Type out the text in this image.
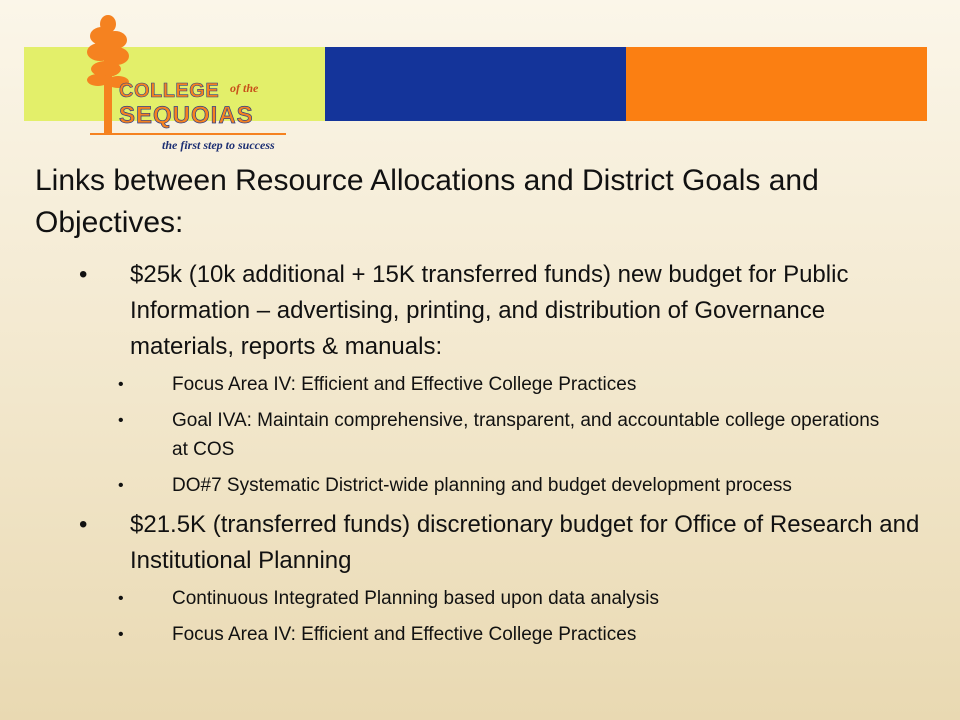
COLLEGE of the
SEQUOIAS
the first step to success
Links between Resource Allocations and District Goals and Objectives:
• $25k (10k additional + 15K transferred funds) new budget for Public Information – advertising, printing, and distribution of Governance materials, reports & manuals:
•	Focus Area IV: Efficient and Effective College Practices
•	Goal IVA: Maintain comprehensive, transparent, and accountable college operations at COS
•	DO#7 Systematic District-wide planning and budget development process
• $21.5K (transferred funds) discretionary budget for Office of Research and Institutional Planning
•	Continuous Integrated Planning based upon data analysis
•	Focus Area IV: Efficient and Effective College Practices
